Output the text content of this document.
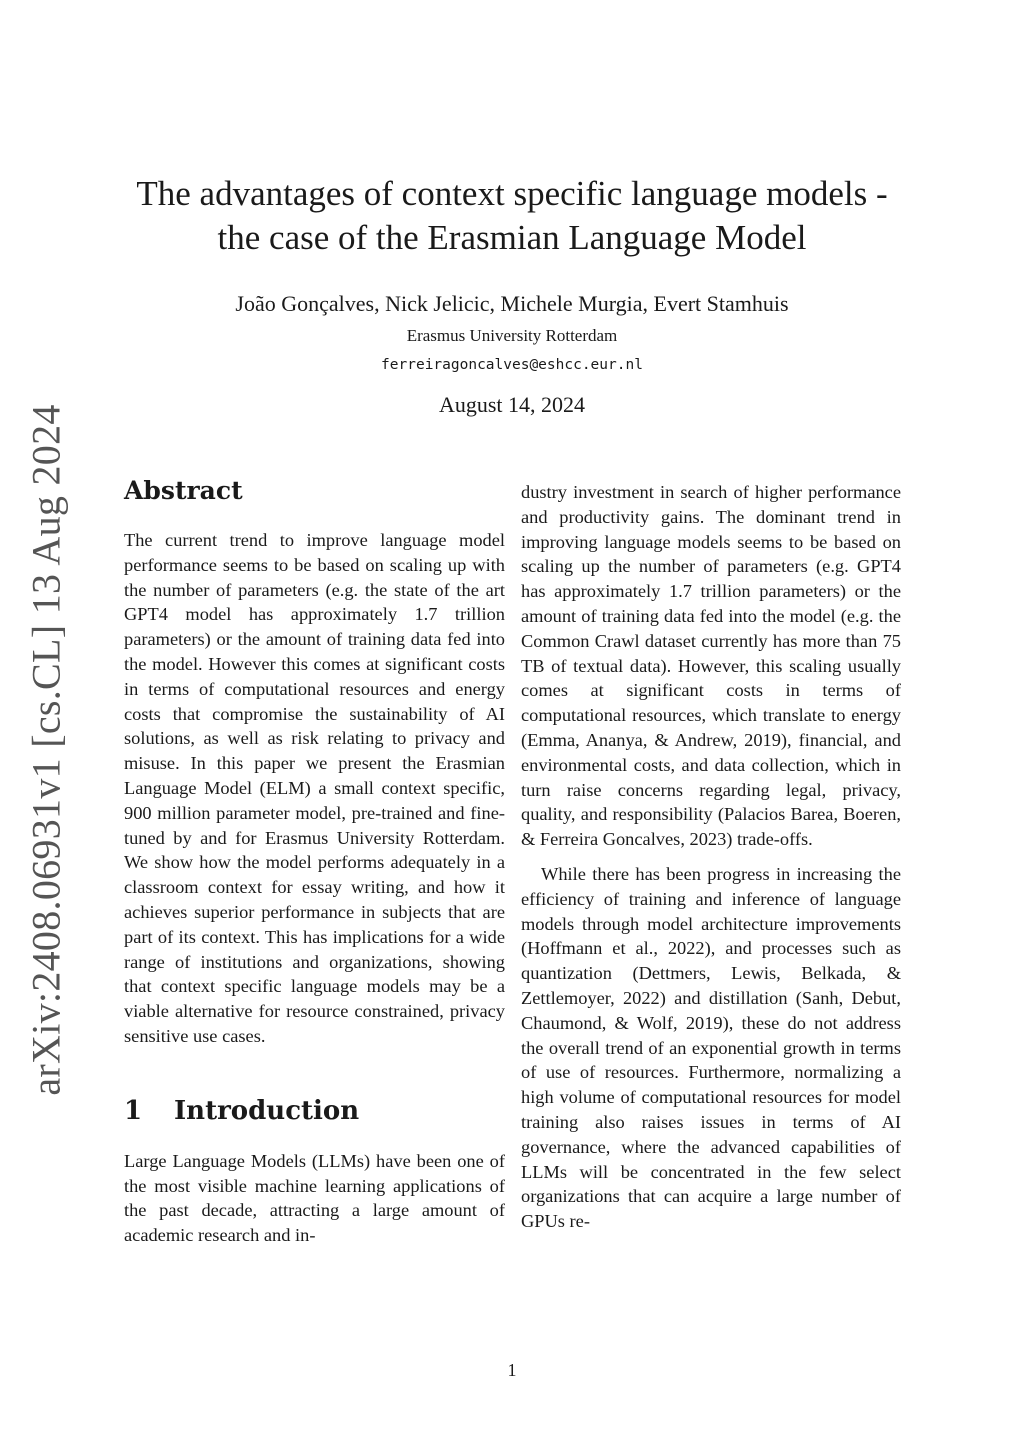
arXiv:2408.06931v1 [cs.CL] 13 Aug 2024
The advantages of context specific language models -
the case of the Erasmian Language Model
João Gonçalves, Nick Jelicic, Michele Murgia, Evert Stamhuis
Erasmus University Rotterdam
ferreiragoncalves@eshcc.eur.nl
August 14, 2024
Abstract

The current trend to improve language model performance seems to be based on scaling up with the number of parameters (e.g. the state of the art GPT4 model has approximately 1.7 trillion parameters) or the amount of training data fed into the model. However this comes at significant costs in terms of computational resources and energy costs that compromise the sustainability of AI solutions, as well as risk relating to privacy and misuse. In this paper we present the Erasmian Language Model (ELM) a small context specific, 900 million parameter model, pre-trained and fine-tuned by and for Erasmus University Rotterdam. We show how the model performs adequately in a classroom context for essay writing, and how it achieves superior performance in subjects that are part of its context. This has implications for a wide range of institutions and organizations, showing that context specific language models may be a viable alternative for resource constrained, privacy sensitive use cases.

1	Introduction

Large Language Models (LLMs) have been one of the most visible machine learning applications of the past decade, attracting a large amount of academic research and in-

dustry investment in search of higher performance and productivity gains. The dominant trend in improving language models seems to be based on scaling up the number of parameters (e.g. GPT4 has approximately 1.7 trillion parameters) or the amount of training data fed into the model (e.g. the Common Crawl dataset currently has more than 75 TB of textual data). However, this scaling usually comes at significant costs in terms of computational resources, which translate to energy (Emma, Ananya, & Andrew, 2019), financial, and environmental costs, and data collection, which in turn raise concerns regarding legal, privacy, quality, and responsibility (Palacios Barea, Boeren, & Ferreira Goncalves, 2023) trade-offs.

While there has been progress in increasing the efficiency of training and inference of language models through model architecture improvements (Hoffmann et al., 2022), and processes such as quantization (Dettmers, Lewis, Belkada, & Zettlemoyer, 2022) and distillation (Sanh, Debut, Chaumond, & Wolf, 2019), these do not address the overall trend of an exponential growth in terms of use of resources. Furthermore, normalizing a high volume of computational resources for model training also raises issues in terms of AI governance, where the advanced capabilities of LLMs will be concentrated in the few select organizations that can acquire a large number of GPUs re-

1
